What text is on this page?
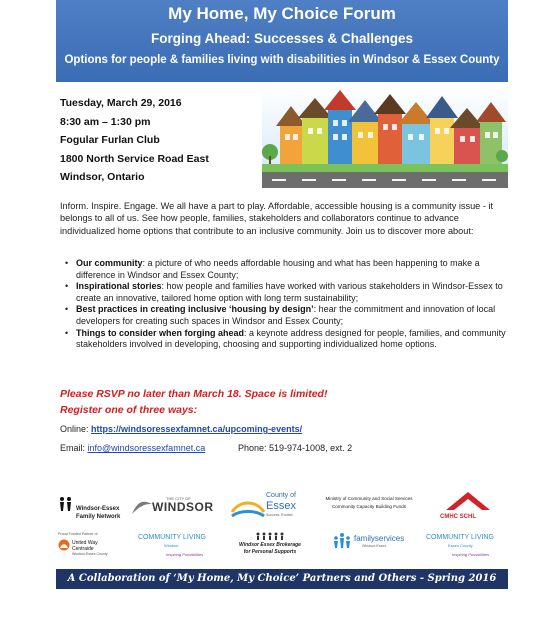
My Home, My Choice Forum
Forging Ahead: Successes & Challenges
Options for people & families living with disabilities in Windsor & Essex County
Tuesday, March 29, 2016
8:30 am – 1:30 pm
Fogular Furlan Club
1800 North Service Road East
Windsor, Ontario
Inform. Inspire. Engage. We all have a part to play. Affordable, accessible housing is a community issue - it belongs to all of us. See how people, families, stakeholders and collaborators continue to advance individualized home options that contribute to an inclusive community. Join us to discover more about:
• Our community: a picture of who needs affordable housing and what has been happening to make a difference in Windsor and Essex County;
• Inspirational stories: how people and families have worked with various stakeholders in Windsor-Essex to create an innovative, tailored home option with long term sustainability;
• Best practices in creating inclusive ‘housing by design’: hear the commitment and innovation of local developers for creating such spaces in Windsor and Essex County;
• Things to consider when forging ahead: a keynote address designed for people, families, and community stakeholders involved in developing, choosing and supporting individualized home options.
Please RSVP no later than March 18. Space is limited!
Register one of three ways:
Online: https://windsoressexfamnet.ca/upcoming-events/
Email: info@windsoressexfamnet.ca	Phone: 519-974-1008, ext. 2
Windsor-Essex
Family Network
THE CITY OF
WINDSOR
County of
Essex
Success. Rooted.
Ministry of Community and Social Services
Community Capacity Building Funds
CMHC SCHL
Proud Funded Partner of
United Way
Centraide
Windsor-Essex County
COMMUNITY LIVING
Windsor
Inspiring Possibilities
Windsor Essex Brokerage
for Personal Supports
familyservices
Windsor-Essex
COMMUNITY LIVING
Essex County
Inspiring Possibilities
A Collaboration of ‘My Home, My Choice’ Partners and Others - Spring 2016
